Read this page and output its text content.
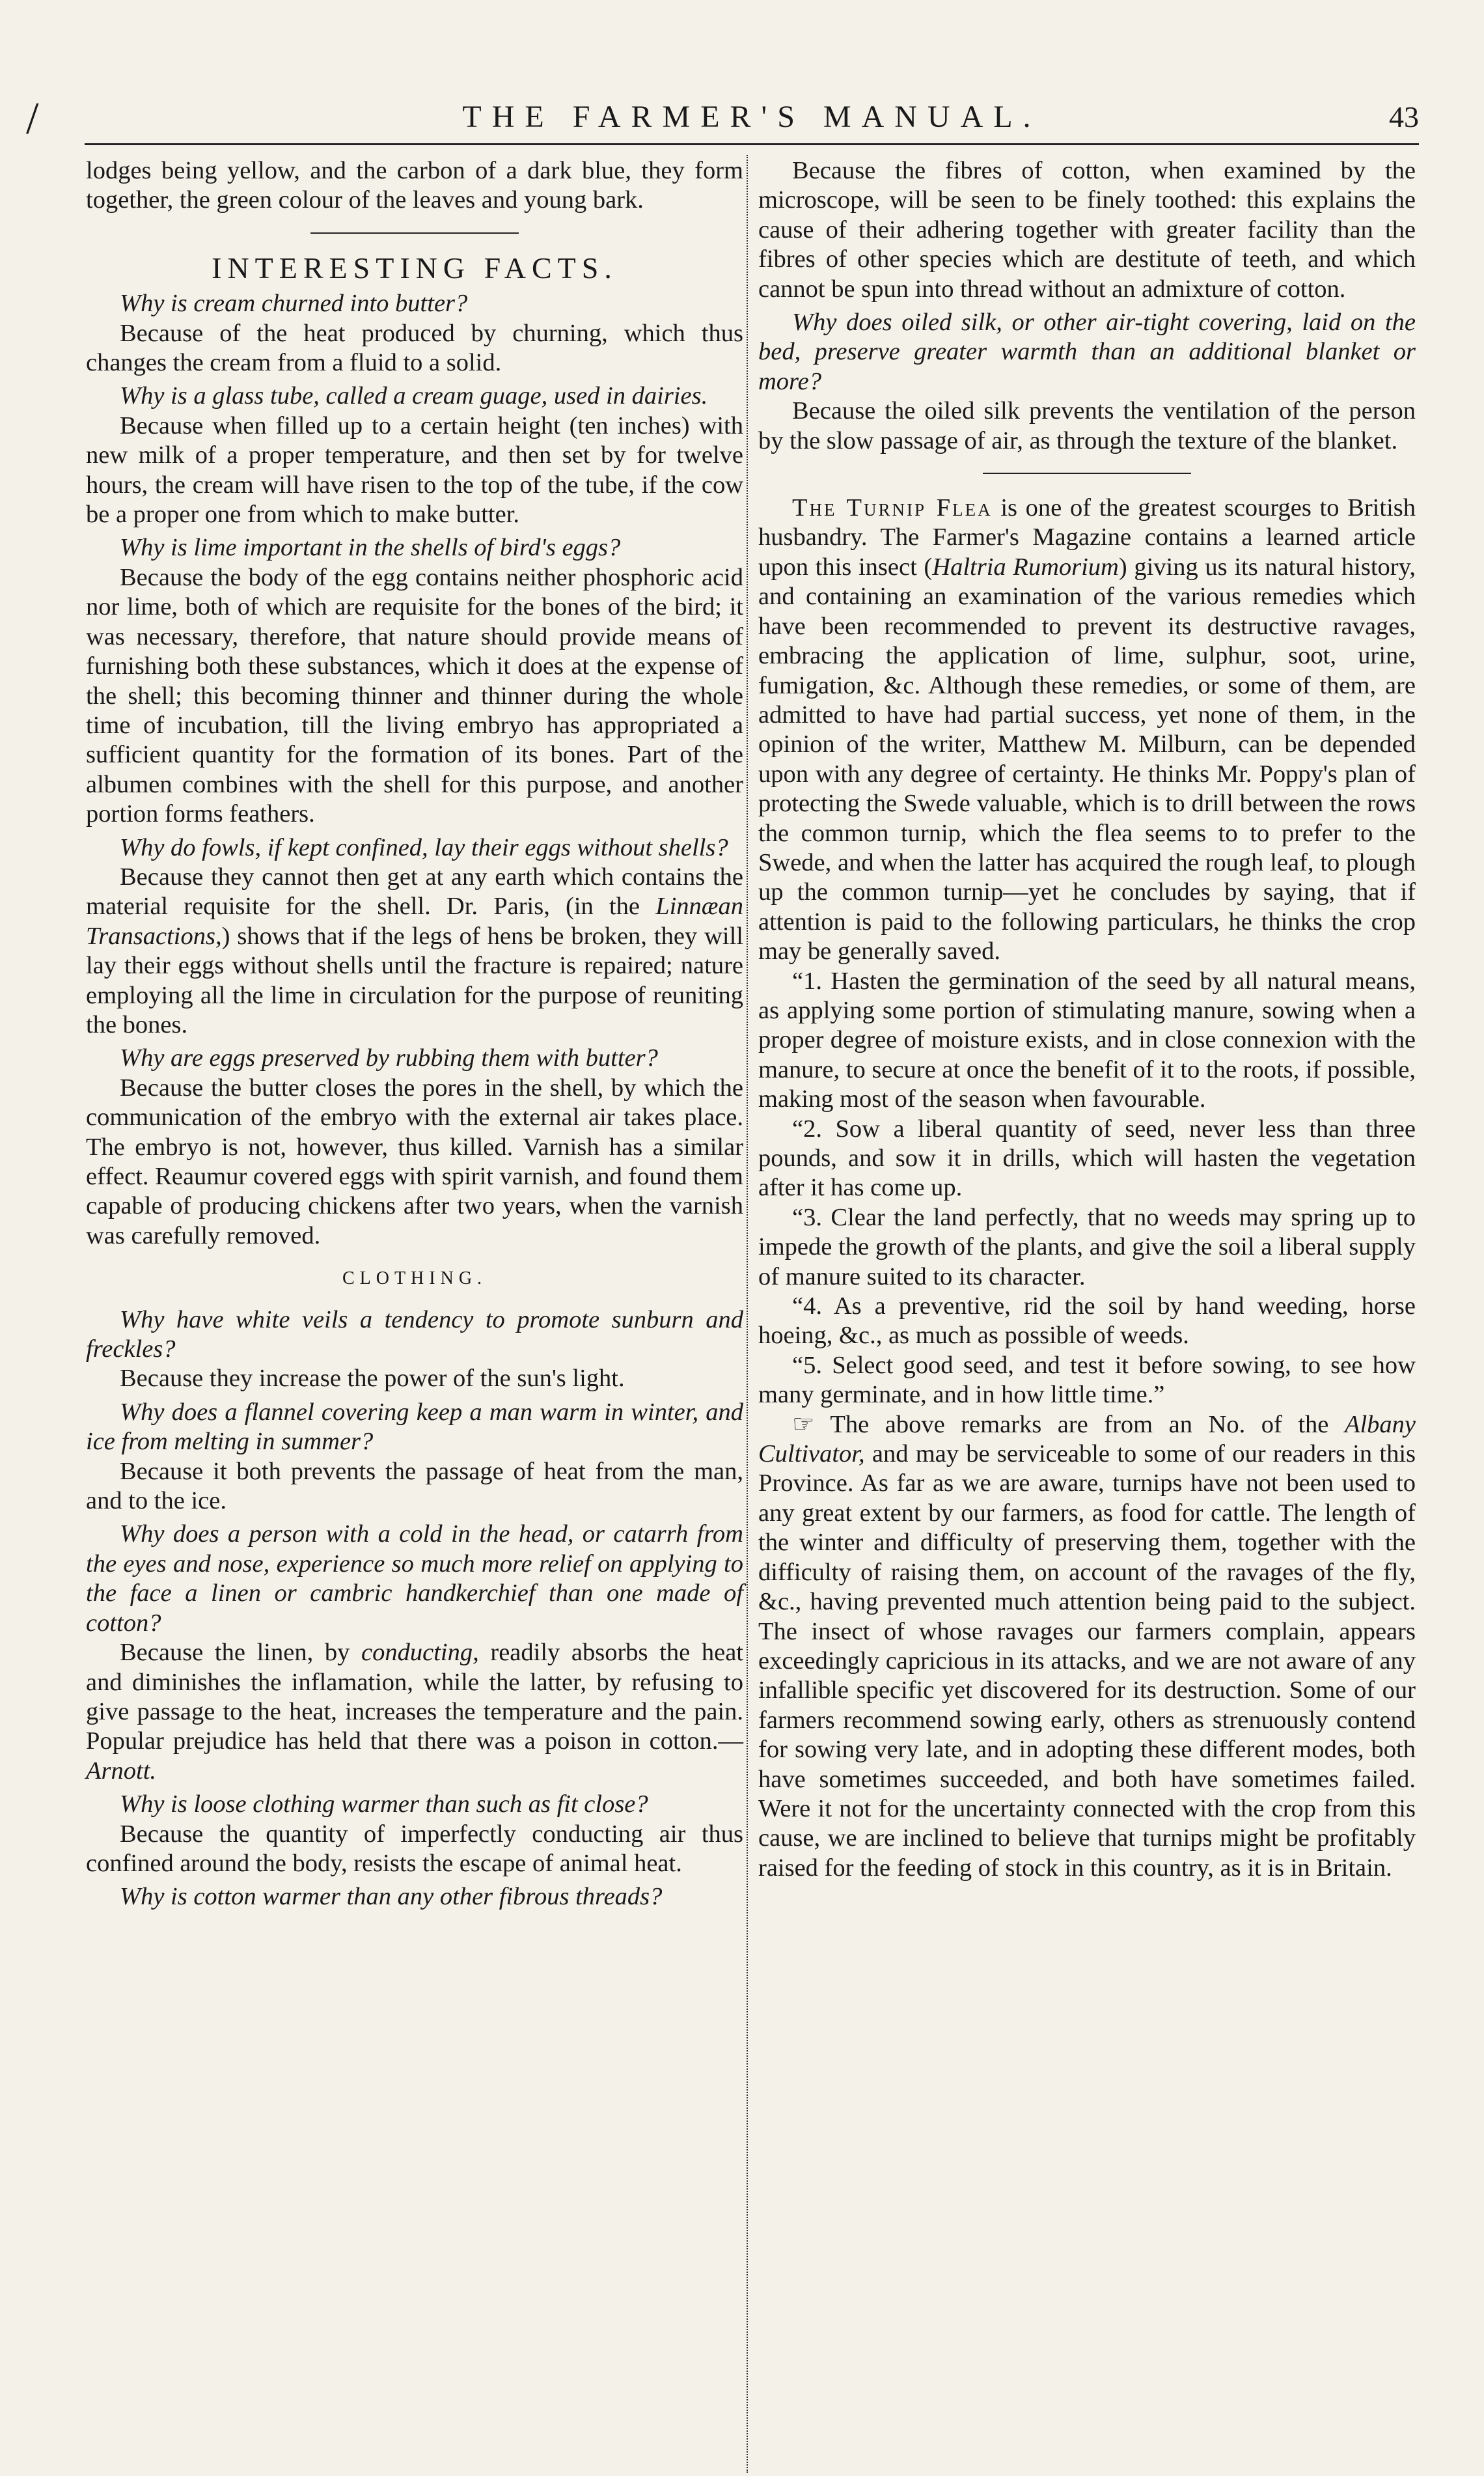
/	THE FARMER'S MANUAL.	43

lodges being yellow, and the carbon of a dark blue, they form together, the green colour of the leaves and young bark.

INTERESTING FACTS.

Why is cream churned into butter?

Because of the heat produced by churning, which thus changes the cream from a fluid to a solid.

Why is a glass tube, called a cream guage, used in dairies.

Because when filled up to a certain height (ten inches) with new milk of a proper temperature, and then set by for twelve hours, the cream will have risen to the top of the tube, if the cow be a proper one from which to make butter.

Why is lime important in the shells of bird's eggs?

Because the body of the egg contains neither phosphoric acid nor lime, both of which are requisite for the bones of the bird; it was necessary, therefore, that nature should provide means of furnishing both these substances, which it does at the expense of the shell; this becoming thinner and thinner during the whole time of incubation, till the living embryo has appropriated a sufficient quantity for the formation of its bones. Part of the albumen combines with the shell for this purpose, and another portion forms feathers.

Why do fowls, if kept confined, lay their eggs without shells?

Because they cannot then get at any earth which contains the material requisite for the shell. Dr. Paris, (in the Linnæan Transactions,) shows that if the legs of hens be broken, they will lay their eggs without shells until the fracture is repaired; nature employing all the lime in circulation for the purpose of reuniting the bones.

Why are eggs preserved by rubbing them with butter?

Because the butter closes the pores in the shell, by which the communication of the embryo with the external air takes place. The embryo is not, however, thus killed. Varnish has a similar effect. Reaumur covered eggs with spirit varnish, and found them capable of producing chickens after two years, when the varnish was carefully removed.

CLOTHING.

Why have white veils a tendency to promote sunburn and freckles?

Because they increase the power of the sun's light.

Why does a flannel covering keep a man warm in winter, and ice from melting in summer?

Because it both prevents the passage of heat from the man, and to the ice.

Why does a person with a cold in the head, or catarrh from the eyes and nose, experience so much more relief on applying to the face a linen or cambric handkerchief than one made of cotton?

Because the linen, by conducting, readily absorbs the heat and diminishes the inflamation, while the latter, by refusing to give passage to the heat, increases the temperature and the pain. Popular prejudice has held that there was a poison in cotton.—Arnott.

Why is loose clothing warmer than such as fit close?

Because the quantity of imperfectly conducting air thus confined around the body, resists the escape of animal heat.

Why is cotton warmer than any other fibrous threads?

Because the fibres of cotton, when examined by the microscope, will be seen to be finely toothed: this explains the cause of their adhering together with greater facility than the fibres of other species which are destitute of teeth, and which cannot be spun into thread without an admixture of cotton.

Why does oiled silk, or other air-tight covering, laid on the bed, preserve greater warmth than an additional blanket or more?

Because the oiled silk prevents the ventilation of the person by the slow passage of air, as through the texture of the blanket.

The Turnip Flea is one of the greatest scourges to British husbandry. The Farmer's Magazine contains a learned article upon this insect (Haltria Rumorium) giving us its natural history, and containing an examination of the various remedies which have been recommended to prevent its destructive ravages, embracing the application of lime, sulphur, soot, urine, fumigation, &c. Although these remedies, or some of them, are admitted to have had partial success, yet none of them, in the opinion of the writer, Matthew M. Milburn, can be depended upon with any degree of certainty. He thinks Mr. Poppy's plan of protecting the Swede valuable, which is to drill between the rows the common turnip, which the flea seems to to prefer to the Swede, and when the latter has acquired the rough leaf, to plough up the common turnip—yet he concludes by saying, that if attention is paid to the following particulars, he thinks the crop may be generally saved.

“1. Hasten the germination of the seed by all natural means, as applying some portion of stimulating manure, sowing when a proper degree of moisture exists, and in close connexion with the manure, to secure at once the benefit of it to the roots, if possible, making most of the season when favourable.

“2. Sow a liberal quantity of seed, never less than three pounds, and sow it in drills, which will hasten the vegetation after it has come up.

“3. Clear the land perfectly, that no weeds may spring up to impede the growth of the plants, and give the soil a liberal supply of manure suited to its character.

“4. As a preventive, rid the soil by hand weeding, horse hoeing, &c., as much as possible of weeds.

“5. Select good seed, and test it before sowing, to see how many germinate, and in how little time.”

☞ The above remarks are from an No. of the Albany Cultivator, and may be serviceable to some of our readers in this Province. As far as we are aware, turnips have not been used to any great extent by our farmers, as food for cattle. The length of the winter and difficulty of preserving them, together with the difficulty of raising them, on account of the ravages of the fly, &c., having prevented much attention being paid to the subject. The insect of whose ravages our farmers complain, appears exceedingly capricious in its attacks, and we are not aware of any infallible specific yet discovered for its destruction. Some of our farmers recommend sowing early, others as strenuously contend for sowing very late, and in adopting these different modes, both have sometimes succeeded, and both have sometimes failed. Were it not for the uncertainty connected with the crop from this cause, we are inclined to believe that turnips might be profitably raised for the feeding of stock in this country, as it is in Britain.
